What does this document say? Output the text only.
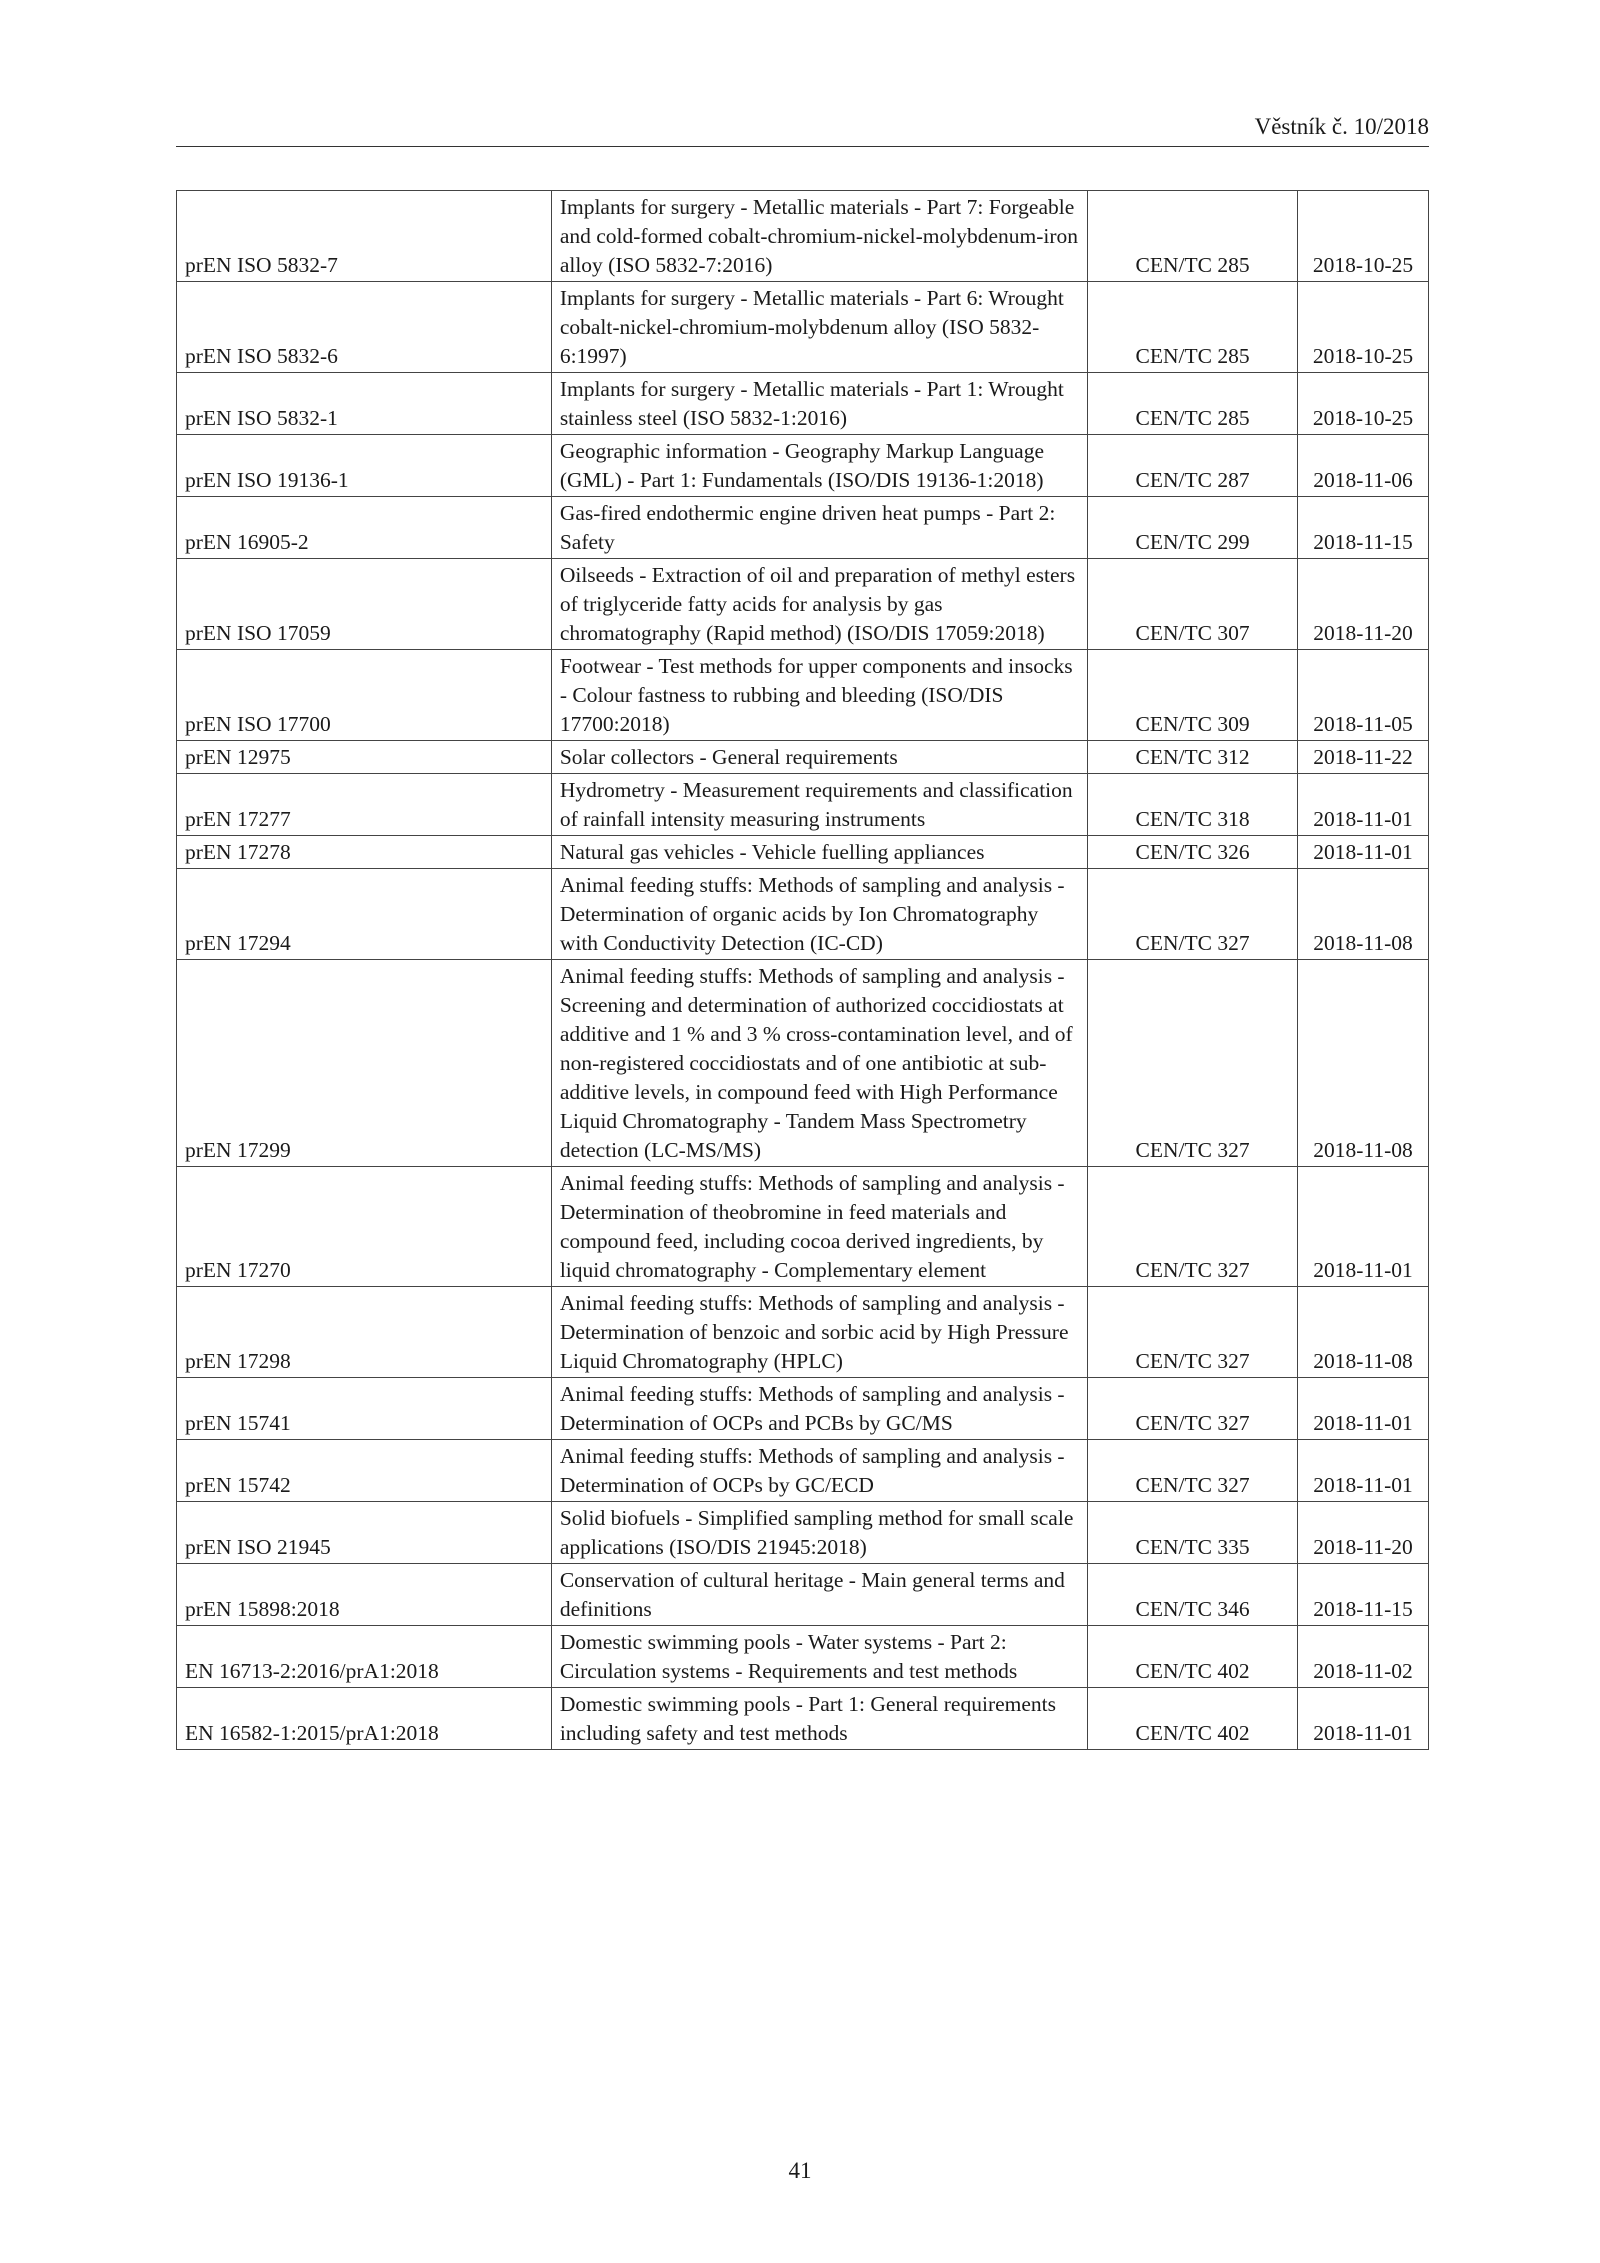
Věstník č. 10/2018
prEN ISO 5832-7	Implants for surgery - Metallic materials - Part 7: Forgeable and cold-formed cobalt-chromium-nickel-molybdenum-iron alloy (ISO 5832-7:2016)	CEN/TC 285	2018-10-25
prEN ISO 5832-6	Implants for surgery - Metallic materials - Part 6: Wrought cobalt-nickel-chromium-molybdenum alloy (ISO 5832-6:1997)	CEN/TC 285	2018-10-25
prEN ISO 5832-1	Implants for surgery - Metallic materials - Part 1: Wrought stainless steel (ISO 5832-1:2016)	CEN/TC 285	2018-10-25
prEN ISO 19136-1	Geographic information - Geography Markup Language (GML) - Part 1: Fundamentals (ISO/DIS 19136-1:2018)	CEN/TC 287	2018-11-06
prEN 16905-2	Gas-fired endothermic engine driven heat pumps - Part 2: Safety	CEN/TC 299	2018-11-15
prEN ISO 17059	Oilseeds - Extraction of oil and preparation of methyl esters of triglyceride fatty acids for analysis by gas chromatography (Rapid method) (ISO/DIS 17059:2018)	CEN/TC 307	2018-11-20
prEN ISO 17700	Footwear - Test methods for upper components and insocks - Colour fastness to rubbing and bleeding (ISO/DIS 17700:2018)	CEN/TC 309	2018-11-05
prEN 12975	Solar collectors - General requirements	CEN/TC 312	2018-11-22
prEN 17277	Hydrometry - Measurement requirements and classification of rainfall intensity measuring instruments	CEN/TC 318	2018-11-01
prEN 17278	Natural gas vehicles - Vehicle fuelling appliances	CEN/TC 326	2018-11-01
prEN 17294	Animal feeding stuffs: Methods of sampling and analysis - Determination of organic acids by Ion Chromatography with Conductivity Detection (IC-CD)	CEN/TC 327	2018-11-08
prEN 17299	Animal feeding stuffs: Methods of sampling and analysis - Screening and determination of authorized coccidiostats at additive and 1 % and 3 % cross-contamination level, and of non-registered coccidiostats and of one antibiotic at sub-additive levels, in compound feed with High Performance Liquid Chromatography - Tandem Mass Spectrometry detection (LC-MS/MS)	CEN/TC 327	2018-11-08
prEN 17270	Animal feeding stuffs: Methods of sampling and analysis - Determination of theobromine in feed materials and compound feed, including cocoa derived ingredients, by liquid chromatography - Complementary element	CEN/TC 327	2018-11-01
prEN 17298	Animal feeding stuffs: Methods of sampling and analysis - Determination of benzoic and sorbic acid by High Pressure Liquid Chromatography (HPLC)	CEN/TC 327	2018-11-08
prEN 15741	Animal feeding stuffs: Methods of sampling and analysis - Determination of OCPs and PCBs by GC/MS	CEN/TC 327	2018-11-01
prEN 15742	Animal feeding stuffs: Methods of sampling and analysis - Determination of OCPs by GC/ECD	CEN/TC 327	2018-11-01
prEN ISO 21945	Solid biofuels - Simplified sampling method for small scale applications (ISO/DIS 21945:2018)	CEN/TC 335	2018-11-20
prEN 15898:2018	Conservation of cultural heritage - Main general terms and definitions	CEN/TC 346	2018-11-15
EN 16713-2:2016/prA1:2018	Domestic swimming pools - Water systems - Part 2: Circulation systems - Requirements and test methods	CEN/TC 402	2018-11-02
EN 16582-1:2015/prA1:2018	Domestic swimming pools - Part 1: General requirements including safety and test methods	CEN/TC 402	2018-11-01
41
